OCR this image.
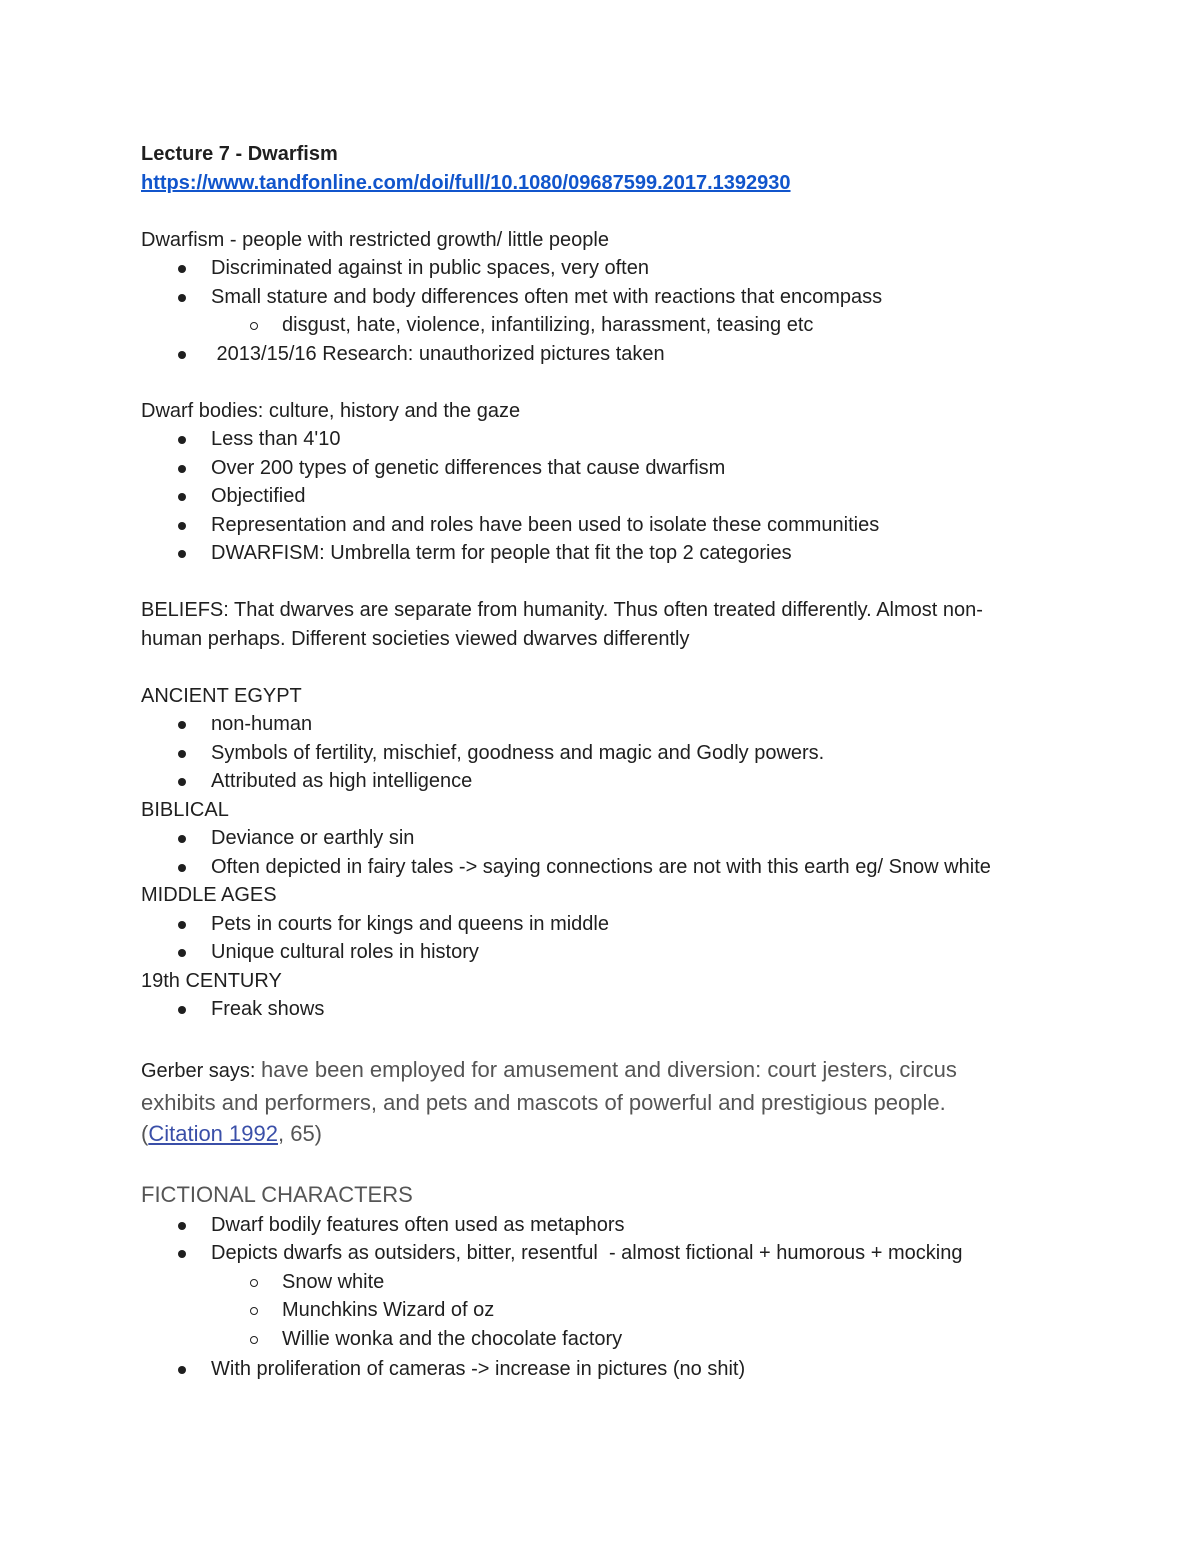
Lecture 7 - Dwarfism
https://www.tandfonline.com/doi/full/10.1080/09687599.2017.1392930
Dwarfism - people with restricted growth/ little people
Discriminated against in public spaces, very often
Small stature and body differences often met with reactions that encompass
disgust, hate, violence, infantilizing, harassment, teasing etc
2013/15/16 Research: unauthorized pictures taken
Dwarf bodies: culture, history and the gaze
Less than 4'10
Over 200 types of genetic differences that cause dwarfism
Objectified
Representation and and roles have been used to isolate these communities
DWARFISM: Umbrella term for people that fit the top 2 categories
BELIEFS: That dwarves are separate from humanity. Thus often treated differently. Almost non-
human perhaps. Different societies viewed dwarves differently
ANCIENT EGYPT
non-human
Symbols of fertility, mischief, goodness and magic and Godly powers.
Attributed as high intelligence
BIBLICAL
Deviance or earthly sin
Often depicted in fairy tales -> saying connections are not with this earth eg/ Snow white
MIDDLE AGES
Pets in courts for kings and queens in middle
Unique cultural roles in history
19th CENTURY
Freak shows
Gerber says: have been employed for amusement and diversion: court jesters, circus
exhibits and performers, and pets and mascots of powerful and prestigious people.
(Citation 1992, 65)
FICTIONAL CHARACTERS
Dwarf bodily features often used as metaphors
Depicts dwarfs as outsiders, bitter, resentful  - almost fictional + humorous + mocking
Snow white
Munchkins Wizard of oz
Willie wonka and the chocolate factory
With proliferation of cameras -> increase in pictures (no shit)
